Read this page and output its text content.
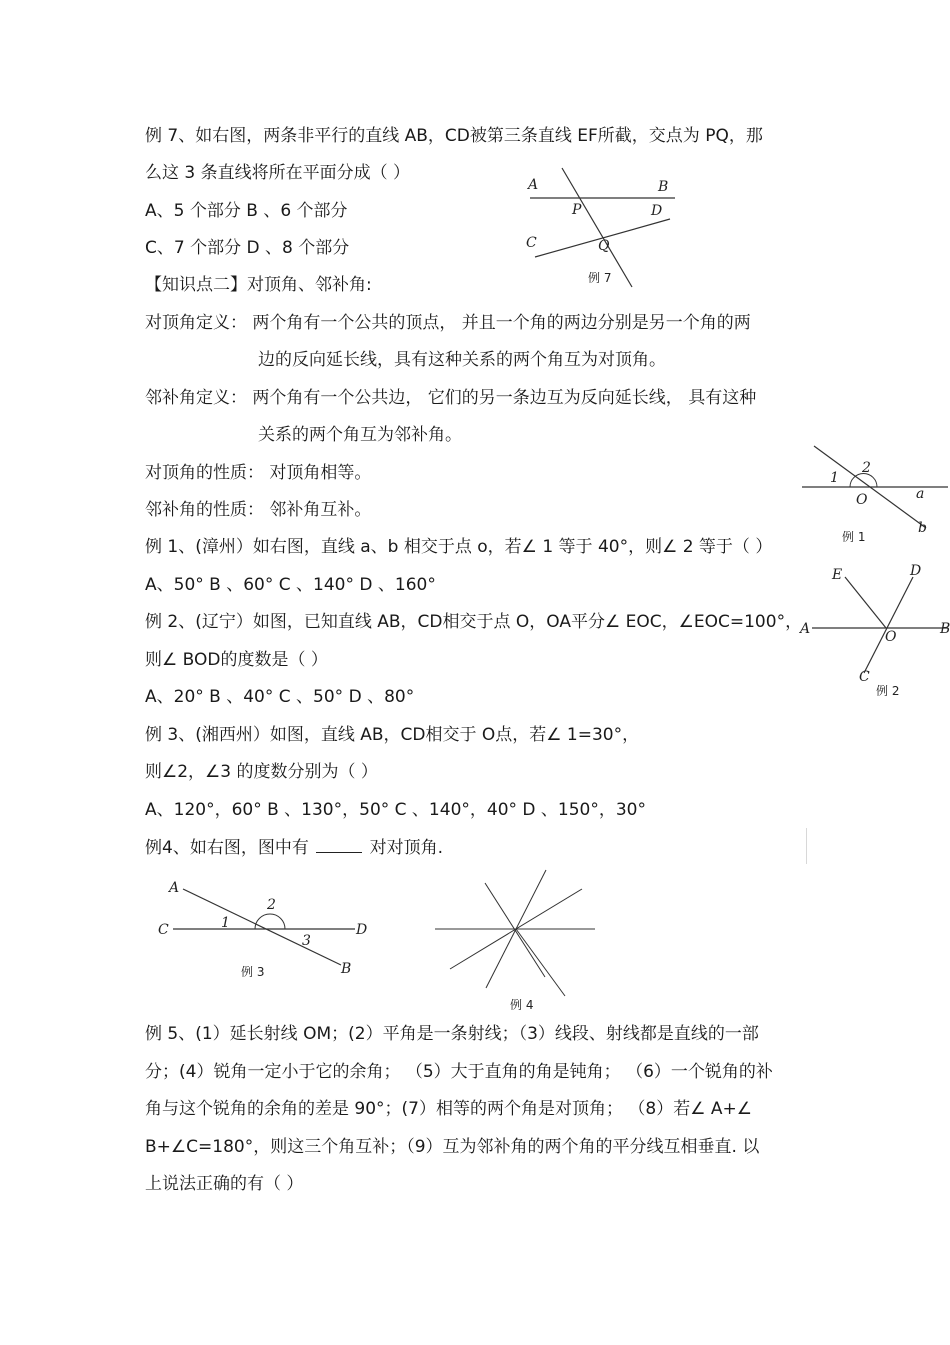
例 7、如右图，两条非平行的直线 AB，CD被第三条直线 EF所截，交点为 PQ，那
么这 3 条直线将所在平面分成（ ）
A、5 个部分 B 、6 个部分
C、7 个部分 D 、8 个部分
【知识点二】对顶角、邻补角:
对顶角定义： 两个角有一个公共的顶点， 并且一个角的两边分别是另一个角的两
边的反向延长线，具有这种关系的两个角互为对顶角。
邻补角定义： 两个角有一个公共边， 它们的另一条边互为反向延长线， 具有这种
关系的两个角互为邻补角。
对顶角的性质： 对顶角相等。
邻补角的性质： 邻补角互补。
例 1、(漳州）如右图，直线 a、b 相交于点 o，若∠ 1 等于 40°，则∠ 2 等于（ ）
A、50° B 、60° C 、140° D 、160°
例 2、(辽宁）如图，已知直线 AB，CD相交于点 O，OA平分∠ EOC，∠EOC=100°，
则∠ BOD的度数是（ ）
A、20° B 、40° C 、50° D 、80°
例 3、(湘西州）如图，直线 AB，CD相交于 O点，若∠ 1=30°，
则∠2，∠3 的度数分别为（ ）
A、120°，60° B 、130°，50° C 、140°，40° D 、150°，30°
例4、如右图，图中有	对对顶角.
例 5、(1）延长射线 OM；(2）平角是一条射线；（3）线段、射线都是直线的一部
分；(4）锐角一定小于它的余角； （5）大于直角的角是钝角； （6）一个锐角的补
角与这个锐角的余角的差是 90°；(7）相等的两个角是对顶角； （8）若∠ A+∠
B+∠C=180°，则这三个角互补；（9）互为邻补角的两个角的平分线互相垂直. 以
上说法正确的有（ ）
A	B
P	D
C	Q
例 7
1
2
O	a
b
例 1
E	D
A	O	B
C
例 2
A
C	1
2
3
D
B
例 3
例 4
